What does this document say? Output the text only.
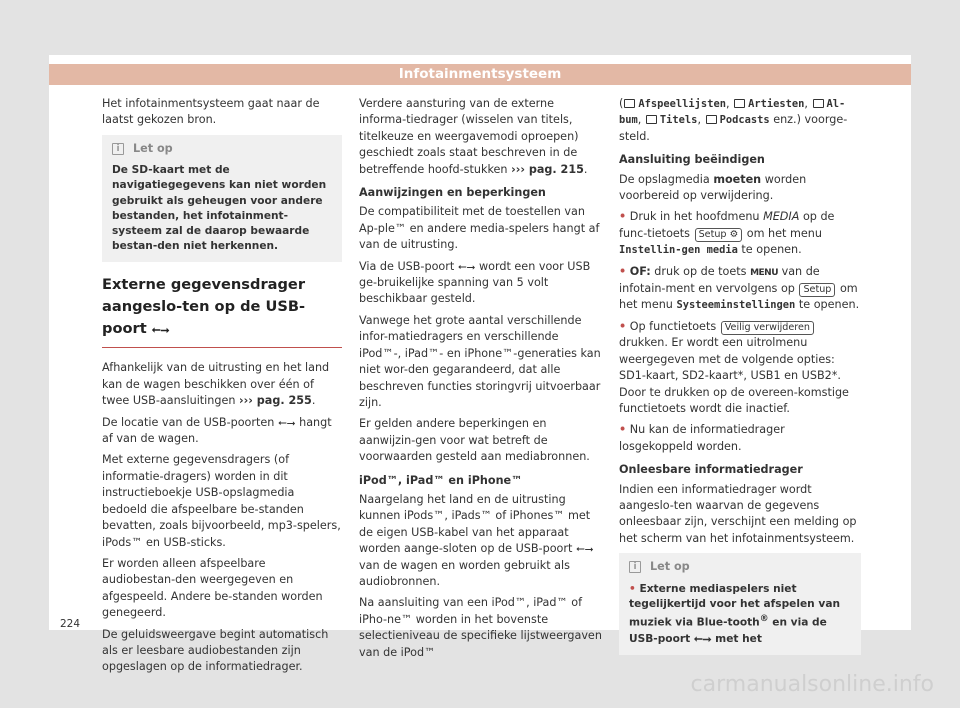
Infotainmentsysteem

Het infotainmentsysteem gaat naar de laatst gekozen bron.

i	Let op
De SD-kaart met de navigatiegegevens kan niet worden gebruikt als geheugen voor andere bestanden, het infotainment-systeem zal de daarop bewaarde bestan-den niet herkennen.
Externe gegevensdrager aangeslo-ten op de USB-poort ⭠⭢

Afhankelijk van de uitrusting en het land kan de wagen beschikken over één of twee USB-aansluitingen ››› pag. 255.

De locatie van de USB-poorten ⭠⭢ hangt af van de wagen.

Met externe gegevensdragers (of informatie-dragers) worden in dit instructieboekje USB-opslagmedia bedoeld die afspeelbare be-standen bevatten, zoals bijvoorbeeld, mp3-spelers, iPods™ en USB-sticks.

Er worden alleen afspeelbare audiobestan-den weergegeven en afgespeeld. Andere be-standen worden genegeerd.

De geluidsweergave begint automatisch als er leesbare audiobestanden zijn opgeslagen op de informatiedrager.

Verdere aansturing van de externe informa-tiedrager (wisselen van titels, titelkeuze en weergavemodi oproepen) geschiedt zoals staat beschreven in de betreffende hoofd-stukken ››› pag. 215.

Aanwijzingen en beperkingen

De compatibiliteit met de toestellen van Ap-ple™ en andere media-spelers hangt af van de uitrusting.

Via de USB-poort ⭠⭢ wordt een voor USB ge-bruikelijke spanning van 5 volt beschikbaar gesteld.

Vanwege het grote aantal verschillende infor-matiedragers en verschillende iPod™-, iPad™- en iPhone™-generaties kan niet wor-den gegarandeerd, dat alle beschreven functies storingvrij uitvoerbaar zijn.

Er gelden andere beperkingen en aanwijzin-gen voor wat betreft de voorwaarden gesteld aan mediabronnen.

iPod™, iPad™ en iPhone™

Naargelang het land en de uitrusting kunnen iPods™, iPads™ of iPhones™ met de eigen USB-kabel van het apparaat worden aange-sloten op de USB-poort ⭠⭢ van de wagen en worden gebruikt als audiobronnen.

Na aansluiting van een iPod™, iPad™ of iPho-ne™ worden in het bovenste selectieniveau de specifieke lijstweergaven van de iPod™

( Afspeellijsten, Artiesten, Al-bum, Titels, Podcasts enz.) voorge-steld.

Aansluiting beëindigen

De opslagmedia moeten worden voorbereid op verwijdering.

• Druk in het hoofdmenu MEDIA op de func-tietoets Setup ⚙ om het menu Instellin-gen media te openen.

• OF: druk op de toets MENU van de infotain-ment en vervolgens op Setup om het menu Systeeminstellingen te openen.

• Op functietoets Veilig verwijderen drukken. Er wordt een uitrolmenu weergegeven met de volgende opties: SD1-kaart, SD2-kaart*, USB1 en USB2*. Door te drukken op de overeen-komstige functietoets wordt die inactief.

• Nu kan de informatiedrager losgekoppeld worden.

Onleesbare informatiedrager

Indien een informatiedrager wordt aangeslo-ten waarvan de gegevens onleesbaar zijn, verschijnt een melding op het scherm van het infotainmentsysteem.

i	Let op
• Externe mediaspelers niet tegelijkertijd voor het afspelen van muziek via Blue-tooth® en via de USB-poort ⭠⭢ met het
224
carmanualsonline.info
